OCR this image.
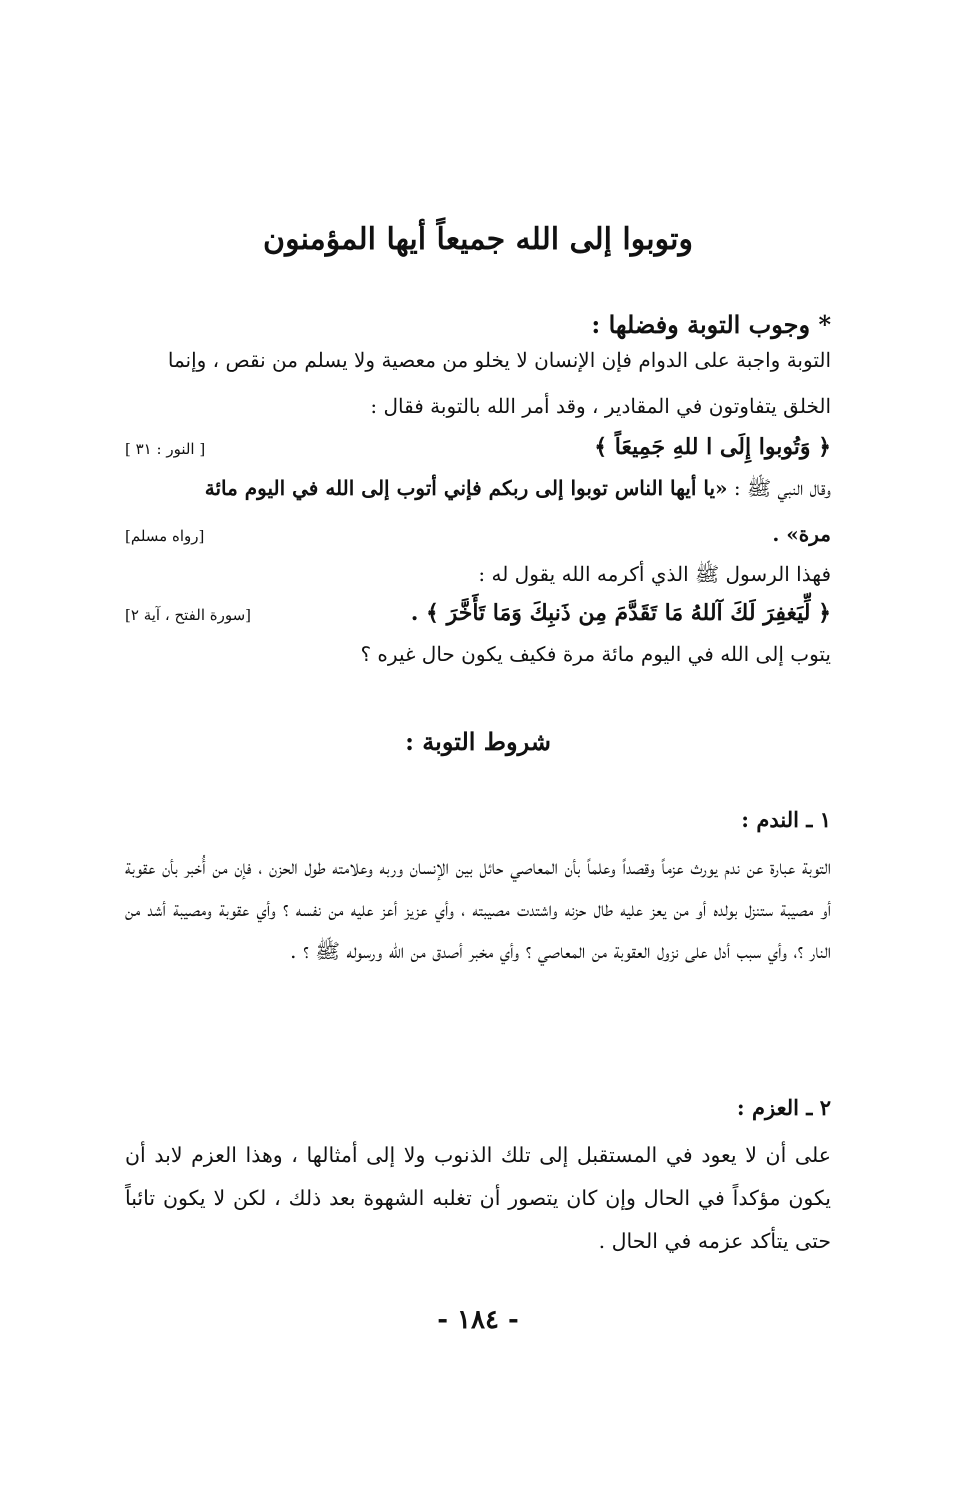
وتوبوا إلى الله جميعاً أيها المؤمنون
* وجوب التوبة وفضلها :
التوبة واجبة على الدوام فإن الإنسان لا يخلو من معصية ولا يسلم من نقص ، وإنما
الخلق يتفاوتون في المقادير ، وقد أمر الله بالتوبة فقال :
﴿ وَتُوبوا إِلَى ا للهِ جَمِيعَاً ﴾
[ النور : ٣١ ]
وقال النبي ﷺ : «يا أيها الناس توبوا إلى ربكم فإني أتوب إلى الله في اليوم مائة
مرة» .
[رواه مسلم]
فهذا الرسول ﷺ الذي أكرمه الله يقول له :
﴿ لِّيَغفِرَ لَكَ آللهُ مَا تَقَدَّمَ مِن ذَنبِكَ وَمَا تَأَخَّرَ ﴾ .
[سورة الفتح ، آية ٢]
يتوب إلى الله في اليوم مائة مرة فكيف يكون حال غيره ؟
شروط التوبة :
١ ـ الندم :
التوبة عبارة عن ندم يورث عزماً وقصداً وعلماً بأن المعاصي حائل بين الإنسان وربه وعلامته طول الحزن ، فإن من أُخبر بأن عقوبة أو مصيبة ستنزل بولده أو من يعز عليه طال حزنه واشتدت مصيبته ، وأي عزيز أعز عليه من نفسه ؟ وأي عقوبة ومصيبة أشد من النار ؟، وأي سبب أدل على نزول العقوبة من المعاصي ؟ وأي مخبر أصدق من الله ورسوله ﷺ ؟ .
٢ ـ العزم :
على أن لا يعود في المستقبل إلى تلك الذنوب ولا إلى أمثالها ، وهذا العزم لابد أن يكون مؤكداً في الحال وإن كان يتصور أن تغلبه الشهوة بعد ذلك ، لكن لا يكون تائباً حتى يتأكد عزمه في الحال .
- ١٨٤ -
